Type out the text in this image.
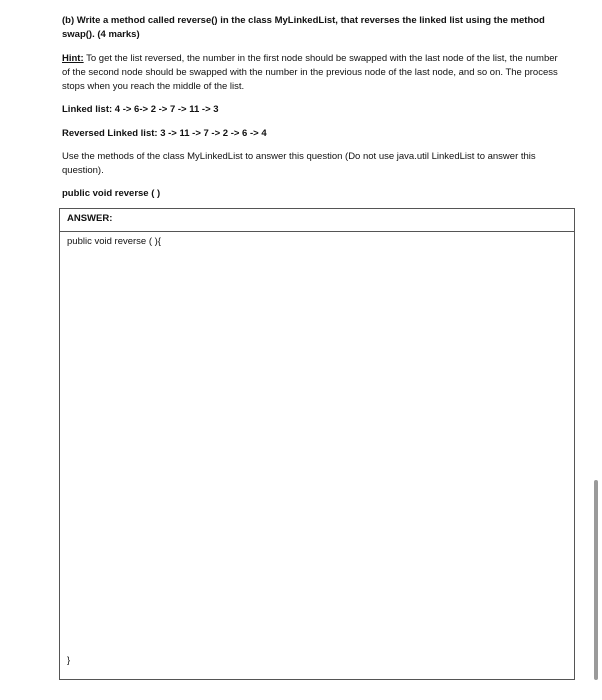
(b) Write a method called reverse() in the class MyLinkedList, that reverses the linked list using the method swap(). (4 marks)
Hint: To get the list reversed, the number in the first node should be swapped with the last node of the list, the number of the second node should be swapped with the number in the previous node of the last node, and so on. The process stops when you reach the middle of the list.
Linked list: 4 -> 6-> 2 -> 7 -> 11 -> 3
Reversed Linked list: 3 -> 11 -> 7 -> 2 -> 6 -> 4
Use the methods of the class MyLinkedList to answer this question (Do not use java.util LinkedList to answer this question).
public void reverse ( )
ANSWER:
public void reverse ( ){
}
